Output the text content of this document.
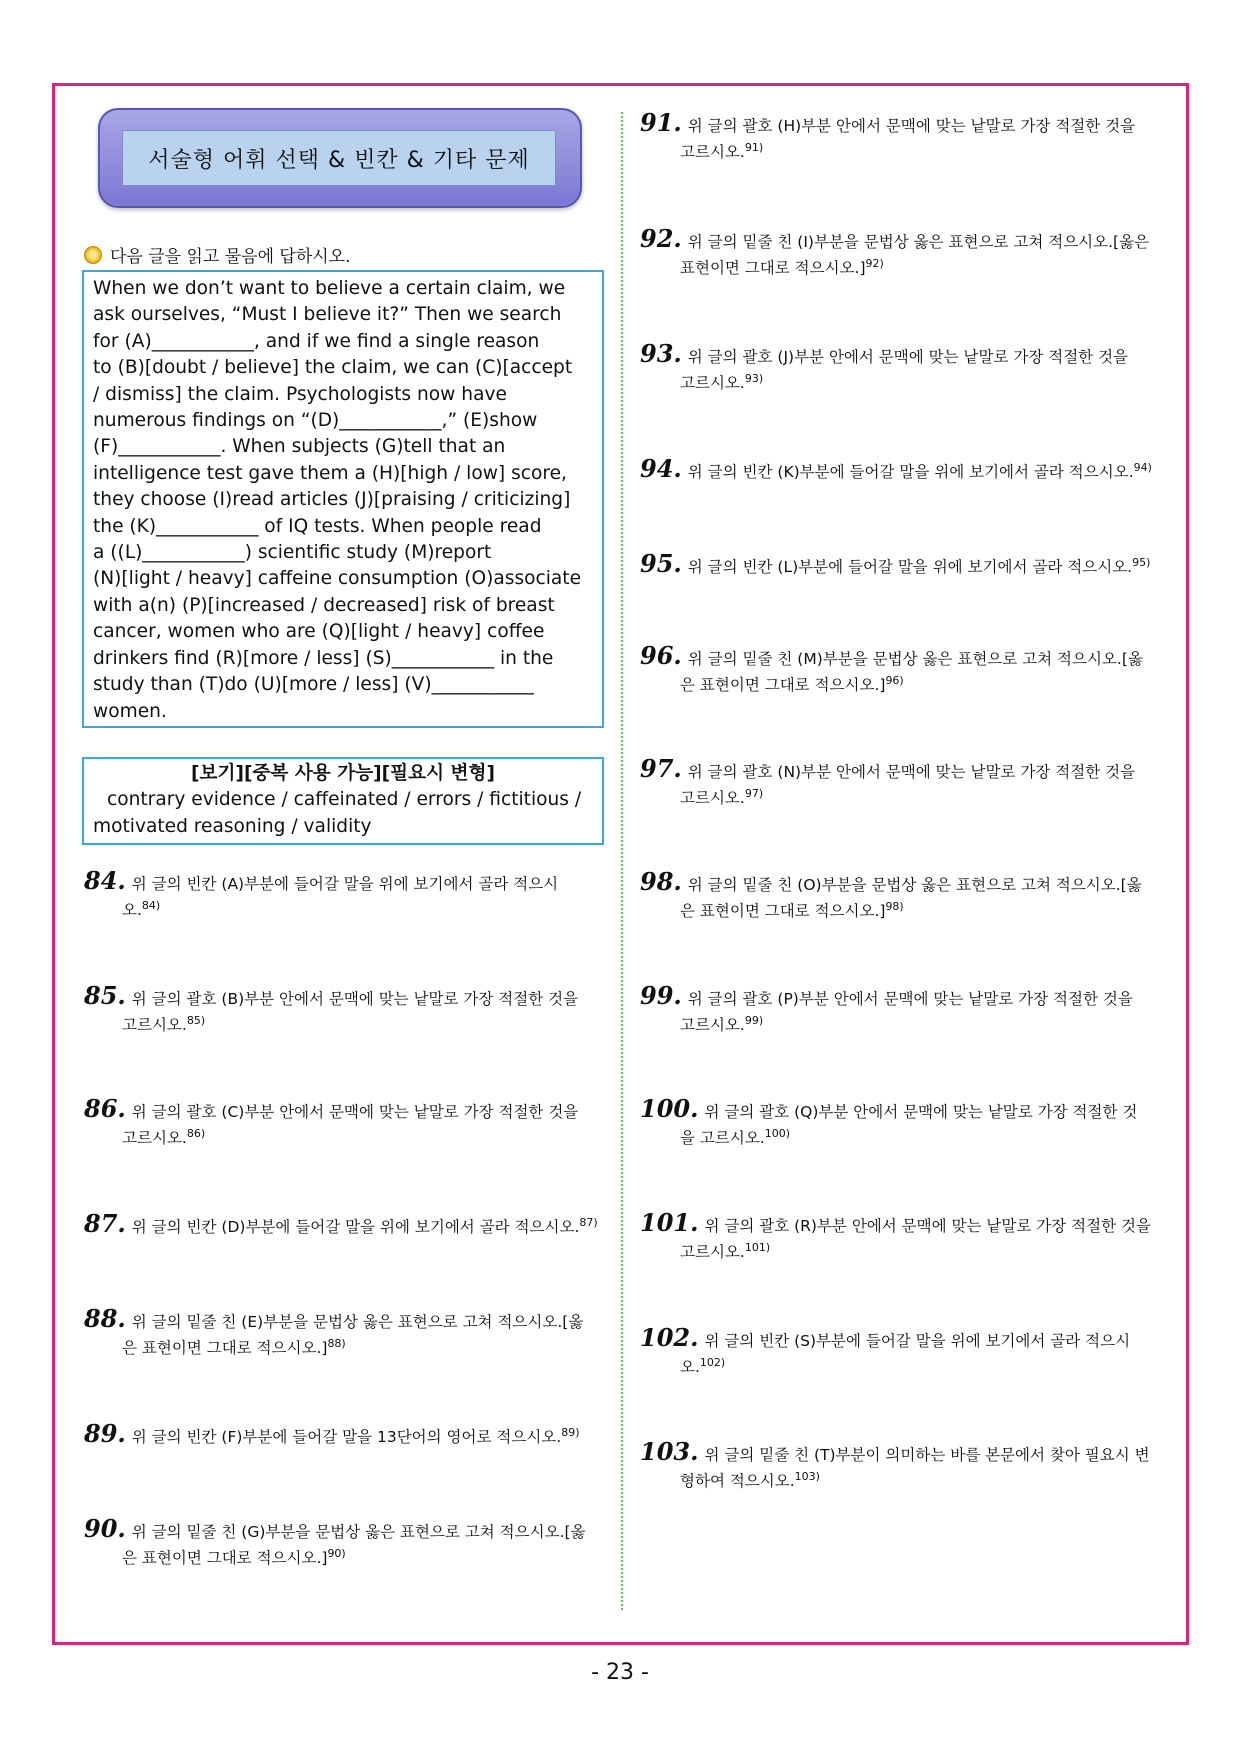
서술형 어휘 선택 & 빈칸 & 기타 문제
다음 글을 읽고 물음에 답하시오.
When we don’t want to believe a certain claim, we
ask ourselves, “Must I believe it?” Then we search
for (A)___________, and if we find a single reason
to (B)[doubt / believe] the claim, we can (C)[accept
/ dismiss] the claim. Psychologists now have
numerous findings on “(D)___________,” (E)show
(F)___________. When subjects (G)tell that an
intelligence test gave them a (H)[high / low] score,
they choose (I)read articles (J)[praising / criticizing]
the (K)___________ of IQ tests. When people read
a ((L)___________) scientific study (M)report
(N)[light / heavy] caffeine consumption (O)associate
with a(n) (P)[increased / decreased] risk of breast
cancer, women who are (Q)[light / heavy] coffee
drinkers find (R)[more / less] (S)___________ in the
study than (T)do (U)[more / less] (V)___________
women.
[보기][중복 사용 가능][필요시 변형]
contrary evidence / caffeinated / errors / fictitious /
motivated reasoning / validity
84. 위 글의 빈칸 (A)부분에 들어갈 말을 위에 보기에서 골라 적으시
오.$^{84)}$
85. 위 글의 괄호 (B)부분 안에서 문맥에 맞는 낱말로 가장 적절한 것을
고르시오.$^{85)}$
86. 위 글의 괄호 (C)부분 안에서 문맥에 맞는 낱말로 가장 적절한 것을
고르시오.$^{86)}$
87. 위 글의 빈칸 (D)부분에 들어갈 말을 위에 보기에서 골라 적으시오.$^{87)}$
88. 위 글의 밑줄 친 (E)부분을 문법상 옳은 표현으로 고쳐 적으시오.[옳
은 표현이면 그대로 적으시오.]$^{88)}$
89. 위 글의 빈칸 (F)부분에 들어갈 말을 13단어의 영어로 적으시오.$^{89)}$
90. 위 글의 밑줄 친 (G)부분을 문법상 옳은 표현으로 고쳐 적으시오.[옳
은 표현이면 그대로 적으시오.]$^{90)}$
91. 위 글의 괄호 (H)부분 안에서 문맥에 맞는 낱말로 가장 적절한 것을
고르시오.$^{91)}$
92. 위 글의 밑줄 친 (I)부분을 문법상 옳은 표현으로 고쳐 적으시오.[옳은
표현이면 그대로 적으시오.]$^{92)}$
93. 위 글의 괄호 (J)부분 안에서 문맥에 맞는 낱말로 가장 적절한 것을
고르시오.$^{93)}$
94. 위 글의 빈칸 (K)부분에 들어갈 말을 위에 보기에서 골라 적으시오.$^{94)}$
95. 위 글의 빈칸 (L)부분에 들어갈 말을 위에 보기에서 골라 적으시오.$^{95)}$
96. 위 글의 밑줄 친 (M)부분을 문법상 옳은 표현으로 고쳐 적으시오.[옳
은 표현이면 그대로 적으시오.]$^{96)}$
97. 위 글의 괄호 (N)부분 안에서 문맥에 맞는 낱말로 가장 적절한 것을
고르시오.$^{97)}$
98. 위 글의 밑줄 친 (O)부분을 문법상 옳은 표현으로 고쳐 적으시오.[옳
은 표현이면 그대로 적으시오.]$^{98)}$
99. 위 글의 괄호 (P)부분 안에서 문맥에 맞는 낱말로 가장 적절한 것을
고르시오.$^{99)}$
100. 위 글의 괄호 (Q)부분 안에서 문맥에 맞는 낱말로 가장 적절한 것
을 고르시오.$^{100)}$
101. 위 글의 괄호 (R)부분 안에서 문맥에 맞는 낱말로 가장 적절한 것을
고르시오.$^{101)}$
102. 위 글의 빈칸 (S)부분에 들어갈 말을 위에 보기에서 골라 적으시
오.$^{102)}$
103. 위 글의 밑줄 친 (T)부분이 의미하는 바를 본문에서 찾아 필요시 변
형하여 적으시오.$^{103)}$
- 23 -
